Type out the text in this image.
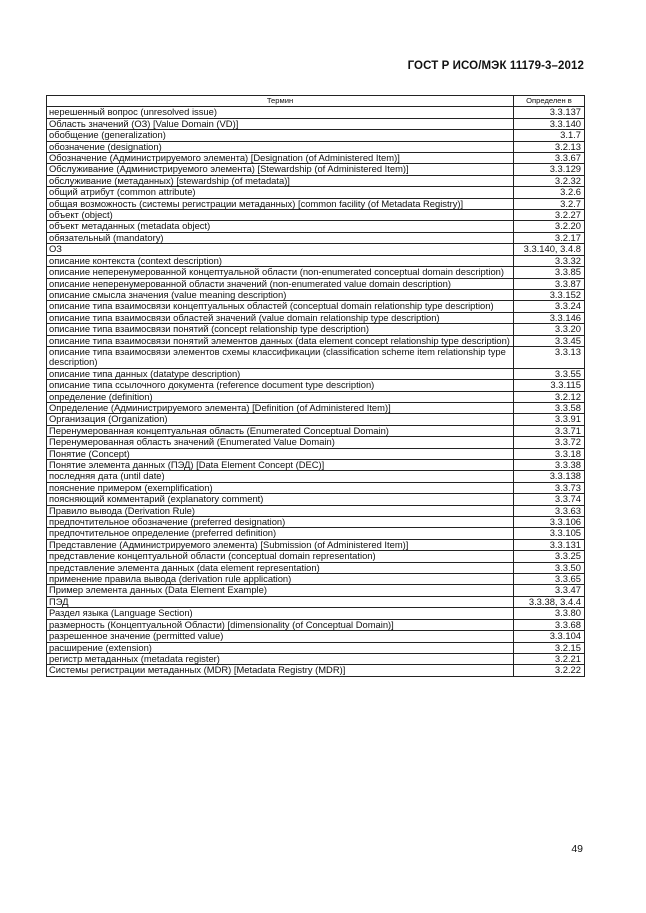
ГОСТ Р ИСО/МЭК 11179-3–2012
Термин	Определен в
нерешенный вопрос (unresolved issue)	3.3.137
Область значений (ОЗ) [Value Domain (VD)]	3.3.140
обобщение (generalization)	3.1.7
обозначение (designation)	3.2.13
Обозначение (Администрируемого элемента) [Designation (of Administered Item)]	3.3.67
Обслуживание (Администрируемого элемента) [Stewardship (of Administered Item)]	3.3.129
обслуживание (метаданных) [stewardship (of metadata)]	3.2.32
общий атрибут (common attribute)	3.2.6
общая возможность (системы регистрации метаданных) [common facility (of Metadata Registry)]	3.2.7
объект (object)	3.2.27
объект метаданных (metadata object)	3.2.20
обязательный (mandatory)	3.2.17
ОЗ	3.3.140, 3.4.8
описание контекста (context description)	3.3.32
описание неперенумерованной концептуальной области (non-enumerated conceptual domain description)	3.3.85
описание неперенумерованной области значений (non-enumerated value domain description)	3.3.87
описание смысла значения (value meaning description)	3.3.152
описание типа взаимосвязи концептуальных областей (conceptual domain relationship type description)	3.3.24
описание типа взаимосвязи областей значений (value domain relationship type description)	3.3.146
описание типа взаимосвязи понятий (concept relationship type description)	3.3.20
описание типа взаимосвязи понятий элементов данных (data element concept relationship type description)	3.3.45
описание типа взаимосвязи элементов схемы классификации (classification scheme item relationship type description)	3.3.13
описание типа данных (datatype description)	3.3.55
описание типа ссылочного документа (reference document type description)	3.3.115
определение (definition)	3.2.12
Определение (Администрируемого элемента) [Definition (of Administered Item)]	3.3.58
Организация (Organization)	3.3.91
Перенумерованная концептуальная область (Enumerated Conceptual Domain)	3.3.71
Перенумерованная область значений (Enumerated Value Domain)	3.3.72
Понятие (Concept)	3.3.18
Понятие элемента данных (ПЭД) [Data Element Concept (DEC)]	3.3.38
последняя дата (until date)	3.3.138
пояснение примером (exemplification)	3.3.73
поясняющий комментарий (explanatory comment)	3.3.74
Правило вывода (Derivation Rule)	3.3.63
предпочтительное обозначение (preferred designation)	3.3.106
предпочтительное определение (preferred definition)	3.3.105
Представление (Администрируемого элемента) [Submission (of Administered Item)]	3.3.131
представление концептуальной области (conceptual domain representation)	3.3.25
представление элемента данных (data element representation)	3.3.50
применение правила вывода (derivation rule application)	3.3.65
Пример элемента данных (Data Element Example)	3.3.47
ПЭД	3.3.38, 3.4.4
Раздел языка (Language Section)	3.3.80
размерность (Концептуальной Области) [dimensionality (of Conceptual Domain)]	3.3.68
разрешенное значение (permitted value)	3.3.104
расширение (extension)	3.2.15
регистр метаданных (metadata register)	3.2.21
Системы регистрации метаданных (MDR) [Metadata Registry (MDR)]	3.2.22
49
